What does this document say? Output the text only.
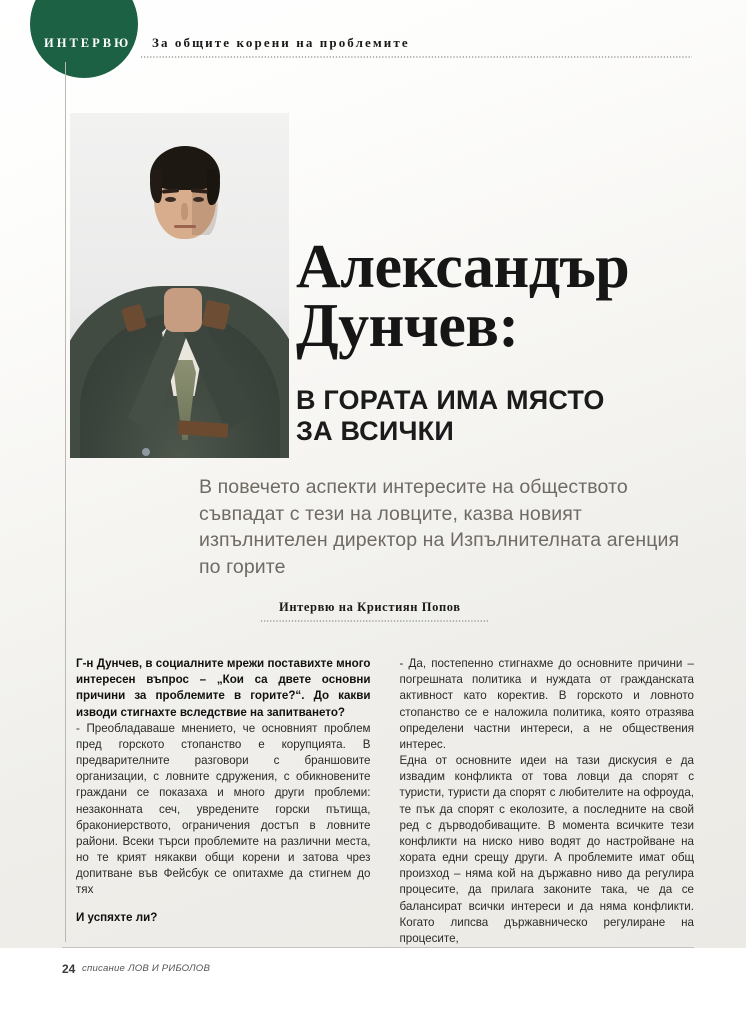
ИНТЕРВЮ За общите корени на проблемите
Александър
Дунчев:
В ГОРАТА ИМА МЯСТО
ЗА ВСИЧКИ
В повечето аспекти интересите на обществото съвпадат с тези на ловците, казва новият изпълнителен директор на Изпълнителната агенция по горите
Интервю на Кристиян Попов

Г-н Дунчев, в социалните мрежи поставихте много интересен въпрос – „Кои са двете основни причини за проблемите в горите?“. До какви изводи стигнахте вследствие на запитването?

- Преобладаваше мнението, че основният проблем пред горското стопанство е корупцията. В предварителните разговори с браншовите организации, с ловните сдружения, с обикновените граждани се показаха и много други проблеми: незаконната сеч, увредените горски пътища, бракониерството, ограничения достъп в ловните райони. Всеки търси проблемите на различни места, но те крият някакви общи корени и затова чрез допитване във Фейсбук се опитахме да стигнем до тях

И успяхте ли?

- Да, постепенно стигнахме до основните причини – погрешната политика и нуждата от гражданската активност като коректив. В горското и ловното стопанство се е наложила политика, която отразява определени частни интереси, а не обществения интерес.

Една от основните идеи на тази дискусия е да извадим конфликта от това ловци да спорят с туристи, туристи да спорят с любителите на офроуда, те пък да спорят с еколозите, а последните на свой ред с дърводобиващите. В момента всичките тези конфликти на ниско ниво водят до настройване на хората едни срещу други. А проблемите имат общ произход – няма кой на държавно ниво да регулира процесите, да прилага законите така, че да се балансират всички интереси и да няма конфликти. Когато липсва държавническо регулиране на процесите,

24 списание ЛОВ И РИБОЛОВ
